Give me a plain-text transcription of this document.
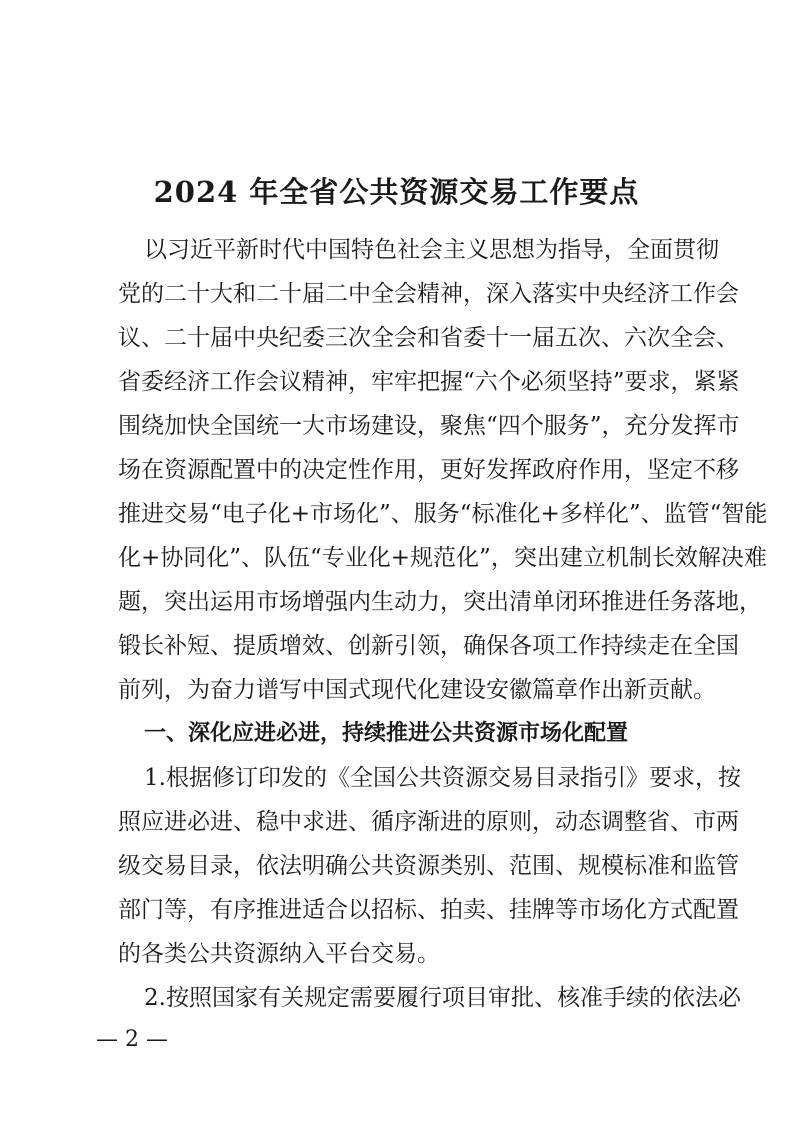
2024 年全省公共资源交易工作要点

以习近平新时代中国特色社会主义思想为指导，全面贯彻

党的二十大和二十届二中全会精神，深入落实中央经济工作会

议、二十届中央纪委三次全会和省委十一届五次、六次全会、

省委经济工作会议精神，牢牢把握“六个必须坚持”要求，紧紧

围绕加快全国统一大市场建设，聚焦“四个服务”，充分发挥市

场在资源配置中的决定性作用，更好发挥政府作用，坚定不移

推进交易“电子化+市场化”、服务“标准化+多样化”、监管“智能

化+协同化”、队伍“专业化+规范化”，突出建立机制长效解决难

题，突出运用市场增强内生动力，突出清单闭环推进任务落地，

锻长补短、提质增效、创新引领，确保各项工作持续走在全国

前列，为奋力谱写中国式现代化建设安徽篇章作出新贡献。

一、深化应进必进，持续推进公共资源市场化配置

1.根据修订印发的《全国公共资源交易目录指引》要求，按

照应进必进、稳中求进、循序渐进的原则，动态调整省、市两

级交易目录，依法明确公共资源类别、范围、规模标准和监管

部门等，有序推进适合以招标、拍卖、挂牌等市场化方式配置

的各类公共资源纳入平台交易。

2.按照国家有关规定需要履行项目审批、核准手续的依法必

— 2 —
